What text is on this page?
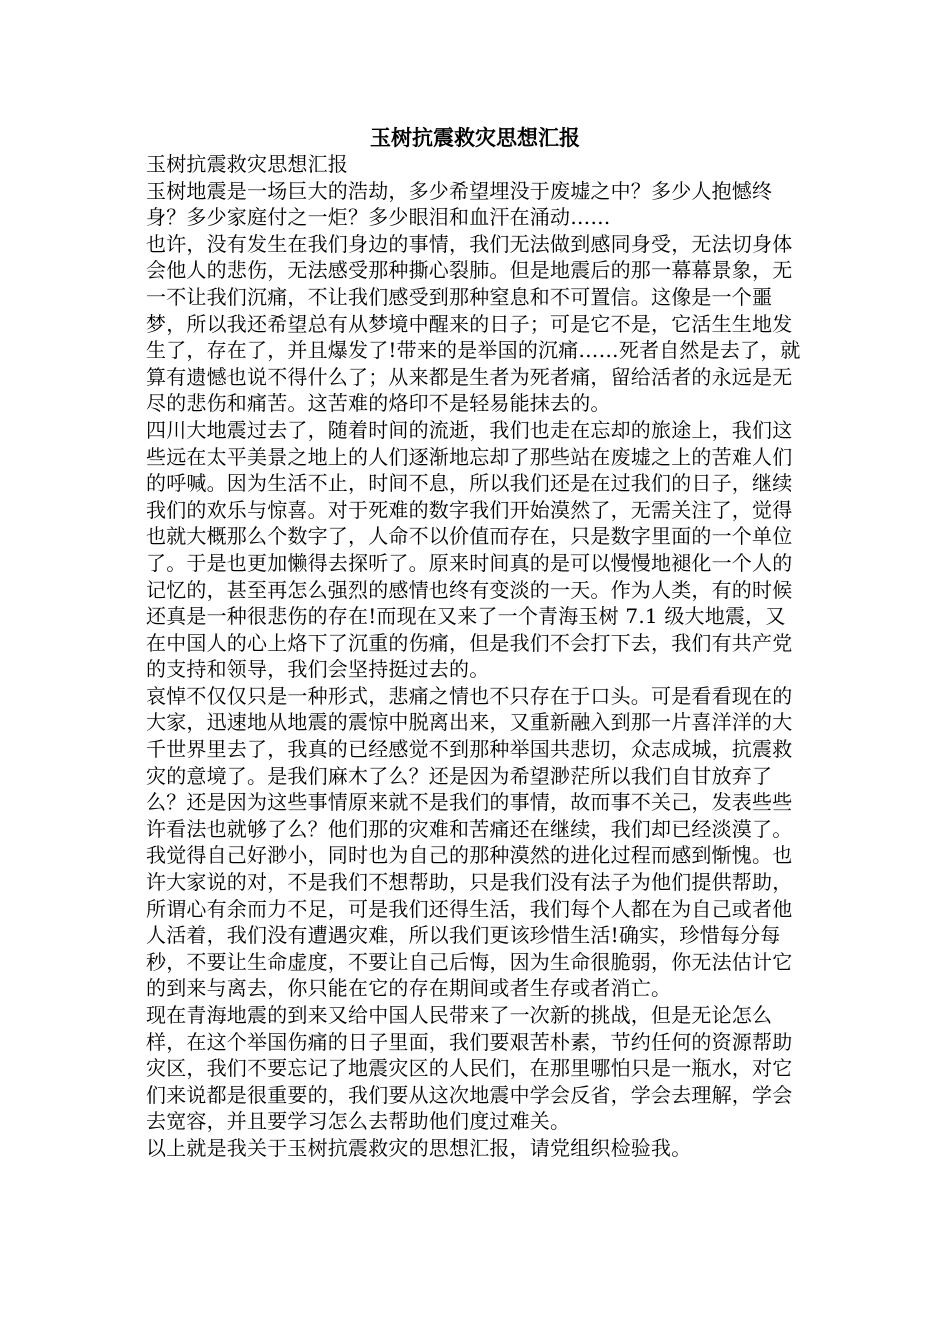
玉树抗震救灾思想汇报

玉树抗震救灾思想汇报

玉树地震是一场巨大的浩劫，多少希望埋没于废墟之中？多少人抱憾终身？多少家庭付之一炬？多少眼泪和血汗在涌动……

也许，没有发生在我们身边的事情，我们无法做到感同身受，无法切身体会他人的悲伤，无法感受那种撕心裂肺。但是地震后的那一幕幕景象，无一不让我们沉痛，不让我们感受到那种窒息和不可置信。这像是一个噩梦，所以我还希望总有从梦境中醒来的日子；可是它不是，它活生生地发生了，存在了，并且爆发了!带来的是举国的沉痛……死者自然是去了，就算有遗憾也说不得什么了；从来都是生者为死者痛，留给活者的永远是无尽的悲伤和痛苦。这苦难的烙印不是轻易能抹去的。

四川大地震过去了，随着时间的流逝，我们也走在忘却的旅途上，我们这些远在太平美景之地上的人们逐渐地忘却了那些站在废墟之上的苦难人们的呼喊。因为生活不止，时间不息，所以我们还是在过我们的日子，继续我们的欢乐与惊喜。对于死难的数字我们开始漠然了，无需关注了，觉得也就大概那么个数字了，人命不以价值而存在，只是数字里面的一个单位了。于是也更加懒得去探听了。原来时间真的是可以慢慢地褪化一个人的记忆的，甚至再怎么强烈的感情也终有变淡的一天。作为人类，有的时候还真是一种很悲伤的存在!而现在又来了一个青海玉树 7.1 级大地震，又在中国人的心上烙下了沉重的伤痛，但是我们不会打下去，我们有共产党的支持和领导，我们会坚持挺过去的。

哀悼不仅仅只是一种形式，悲痛之情也不只存在于口头。可是看看现在的大家，迅速地从地震的震惊中脱离出来，又重新融入到那一片喜洋洋的大千世界里去了，我真的已经感觉不到那种举国共悲切，众志成城，抗震救灾的意境了。是我们麻木了么？还是因为希望渺茫所以我们自甘放弃了么？还是因为这些事情原来就不是我们的事情，故而事不关己，发表些些许看法也就够了么？他们那的灾难和苦痛还在继续，我们却已经淡漠了。

我觉得自己好渺小，同时也为自己的那种漠然的进化过程而感到惭愧。也许大家说的对，不是我们不想帮助，只是我们没有法子为他们提供帮助，所谓心有余而力不足，可是我们还得生活，我们每个人都在为自己或者他人活着，我们没有遭遇灾难，所以我们更该珍惜生活!确实，珍惜每分每秒，不要让生命虚度，不要让自己后悔，因为生命很脆弱，你无法估计它的到来与离去，你只能在它的存在期间或者生存或者消亡。

现在青海地震的到来又给中国人民带来了一次新的挑战，但是无论怎么样，在这个举国伤痛的日子里面，我们要艰苦朴素，节约任何的资源帮助灾区，我们不要忘记了地震灾区的人民们，在那里哪怕只是一瓶水，对它们来说都是很重要的，我们要从这次地震中学会反省，学会去理解，学会去宽容，并且要学习怎么去帮助他们度过难关。

以上就是我关于玉树抗震救灾的思想汇报，请党组织检验我。
